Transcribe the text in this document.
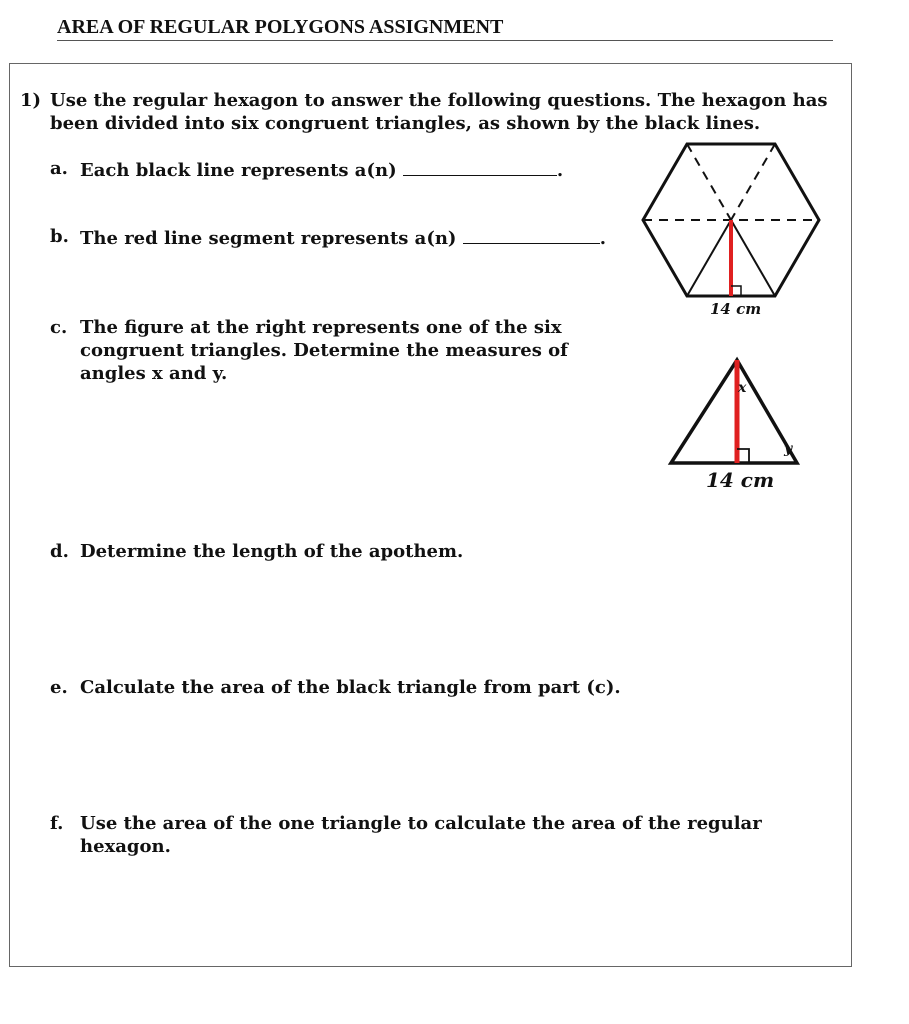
AREA OF REGULAR POLYGONS ASSIGNMENT
1) Use the regular hexagon to answer the following questions. The hexagon has
been divided into six congruent triangles, as shown by the black lines.
a. Each black line represents a(n)	.
b. The red line segment represents a(n)	.
c. The figure at the right represents one of the six
congruent triangles. Determine the measures of
angles x and y.
d. Determine the length of the apothem.
e. Calculate the area of the black triangle from part (c).
f. Use the area of the one triangle to calculate the area of the regular
hexagon.
14 cm
x
y
14 cm
